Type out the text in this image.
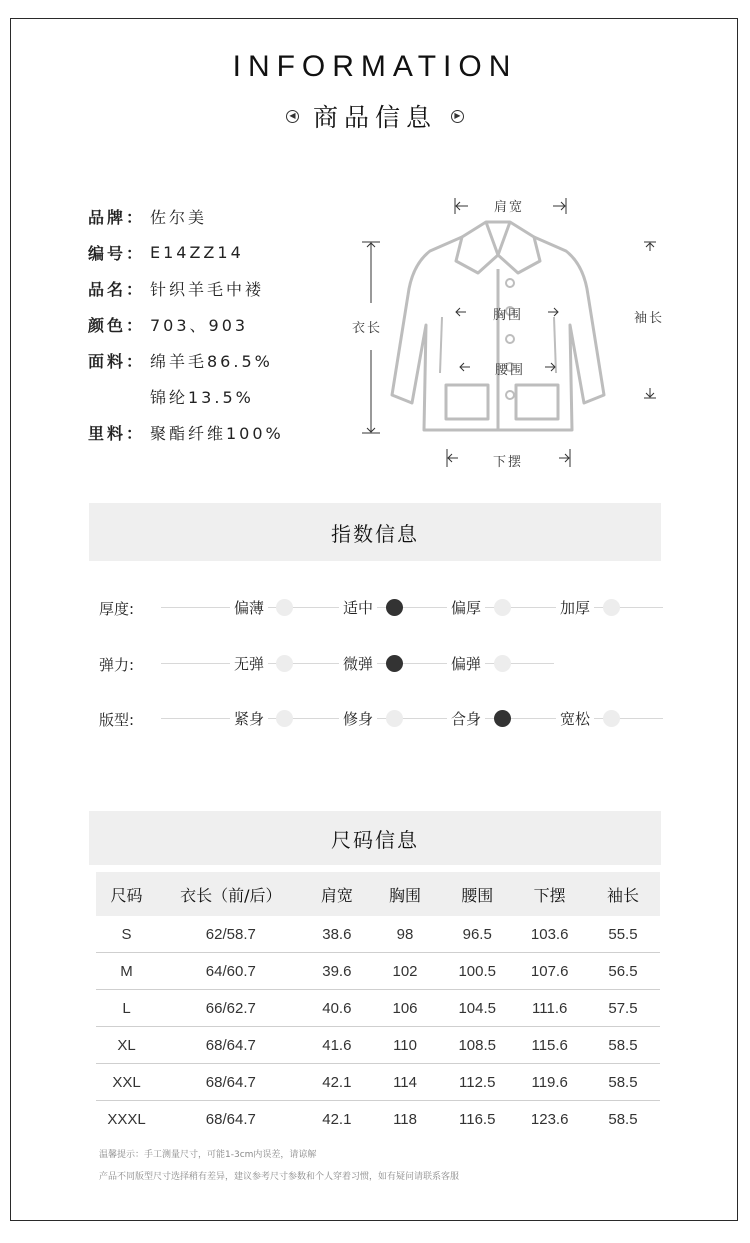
INFORMATION
◀ 商品信息	▶
品牌： 佐尔美
编号： E14ZZ14
品名： 针织羊毛中褛
颜色： 703、903
面料： 绵羊毛86.5%
锦纶13.5%
里料： 聚酯纤维100%
肩宽
衣长
胸围
腰围
下摆
袖长
指数信息
厚度:	偏薄	适中	偏厚	加厚
弹力:	无弹	微弹	偏弹
版型:	紧身	修身	合身	宽松
尺码信息
尺码	衣长（前/后）	肩宽	胸围	腰围	下摆	袖长
S	62/58.7	38.6	98	96.5	103.6	55.5
M	64/60.7	39.6	102	100.5	107.6	56.5
L	66/62.7	40.6	106	104.5	111.6	57.5
XL	68/64.7	41.6	110	108.5	115.6	58.5
XXL	68/64.7	42.1	114	112.5	119.6	58.5
XXXL	68/64.7	42.1	118	116.5	123.6	58.5
温馨提示：手工测量尺寸，可能1-3cm内误差，请谅解
产品不同版型尺寸选择稍有差异，建议参考尺寸参数和个人穿着习惯，如有疑问请联系客服
